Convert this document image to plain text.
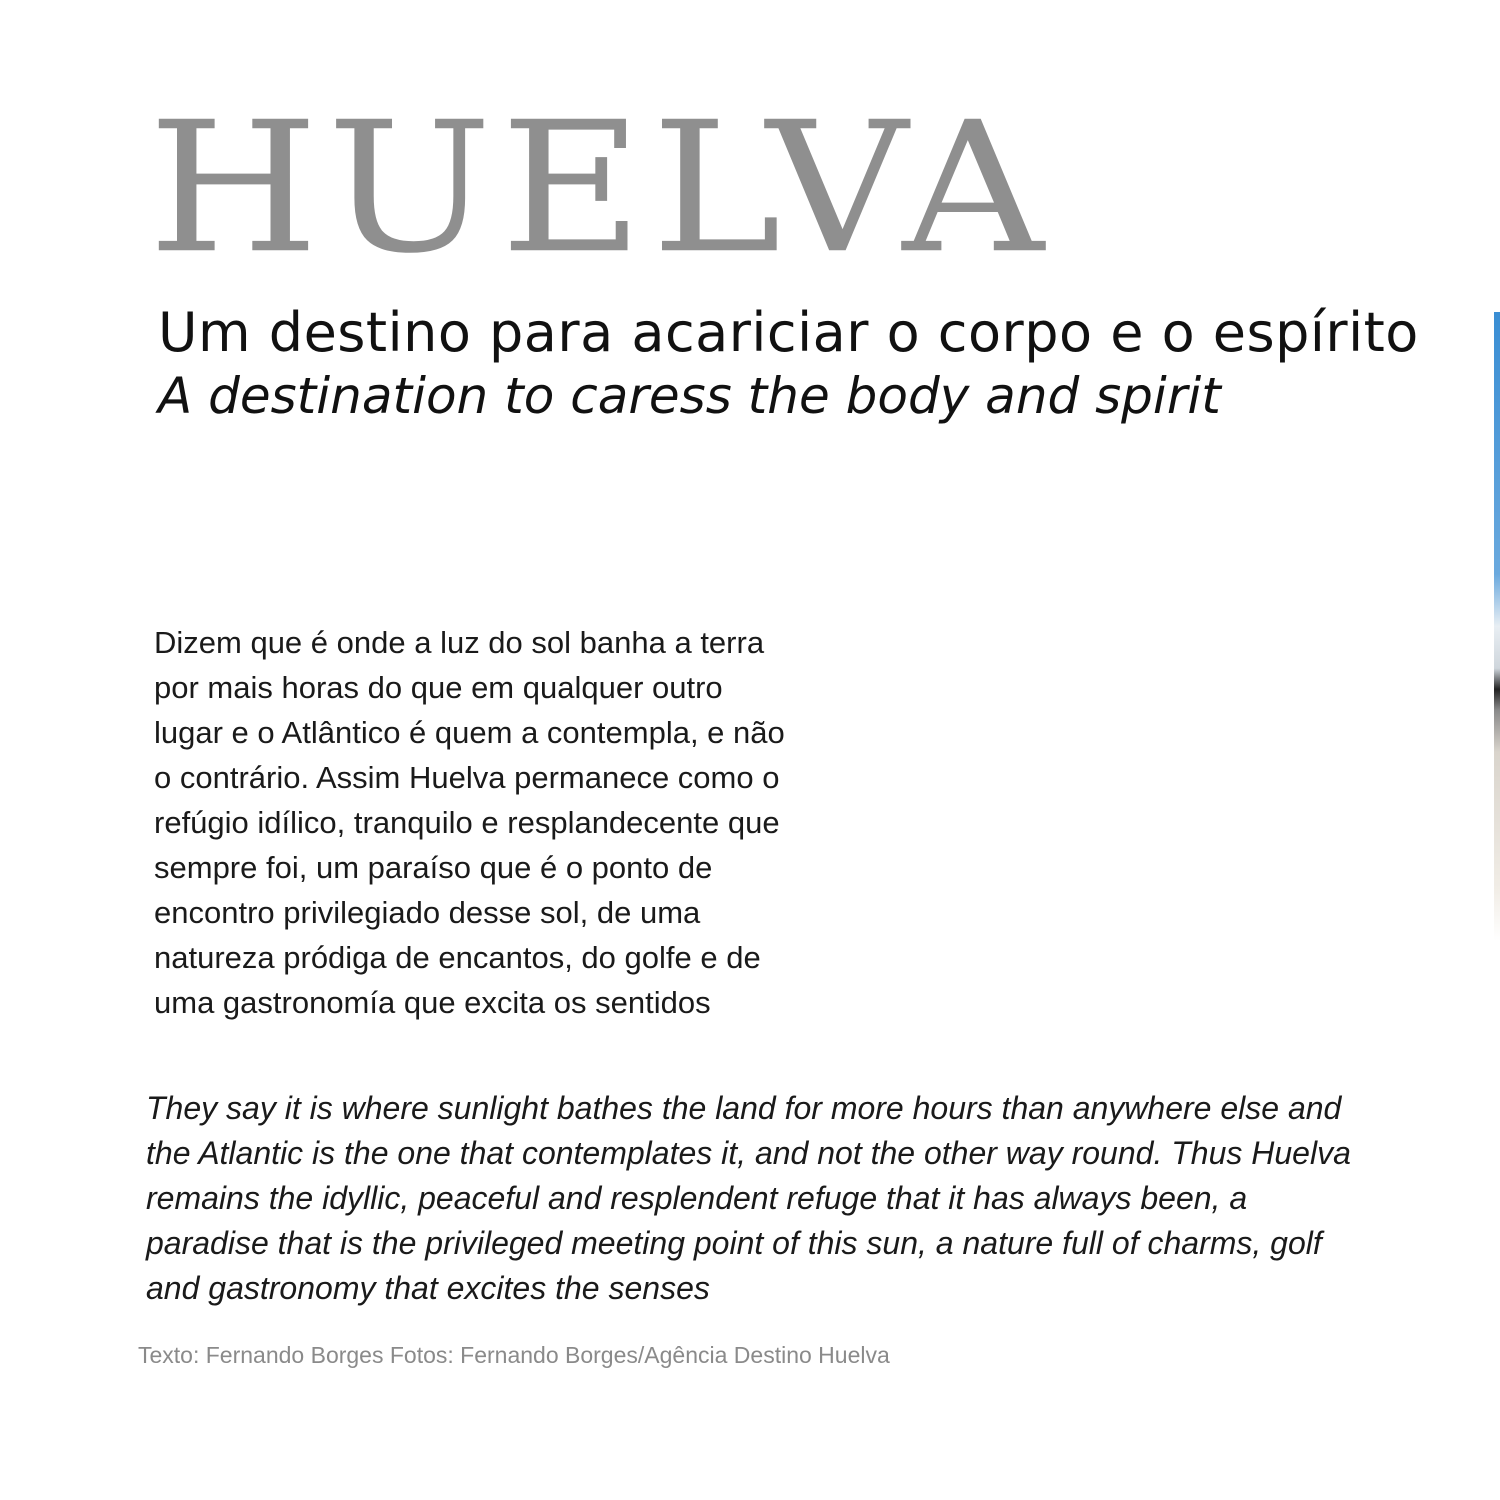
HUELVA
Um destino para acariciar o corpo e o espírito
A destination to caress the body and spirit

Dizem que é onde a luz do sol banha a terra
por mais horas do que em qualquer outro
lugar e o Atlântico é quem a contempla, e não
o contrário. Assim Huelva permanece como o
refúgio idílico, tranquilo e resplandecente que
sempre foi, um paraíso que é o ponto de
encontro privilegiado desse sol, de uma
natureza pródiga de encantos, do golfe e de
uma gastronomía que excita os sentidos

They say it is where sunlight bathes the land for more hours than anywhere else and
the Atlantic is the one that contemplates it, and not the other way round. Thus Huelva
remains the idyllic, peaceful and resplendent refuge that it has always been, a
paradise that is the privileged meeting point of this sun, a nature full of charms, golf
and gastronomy that excites the senses

Texto: Fernando Borges Fotos: Fernando Borges/Agência Destino Huelva
